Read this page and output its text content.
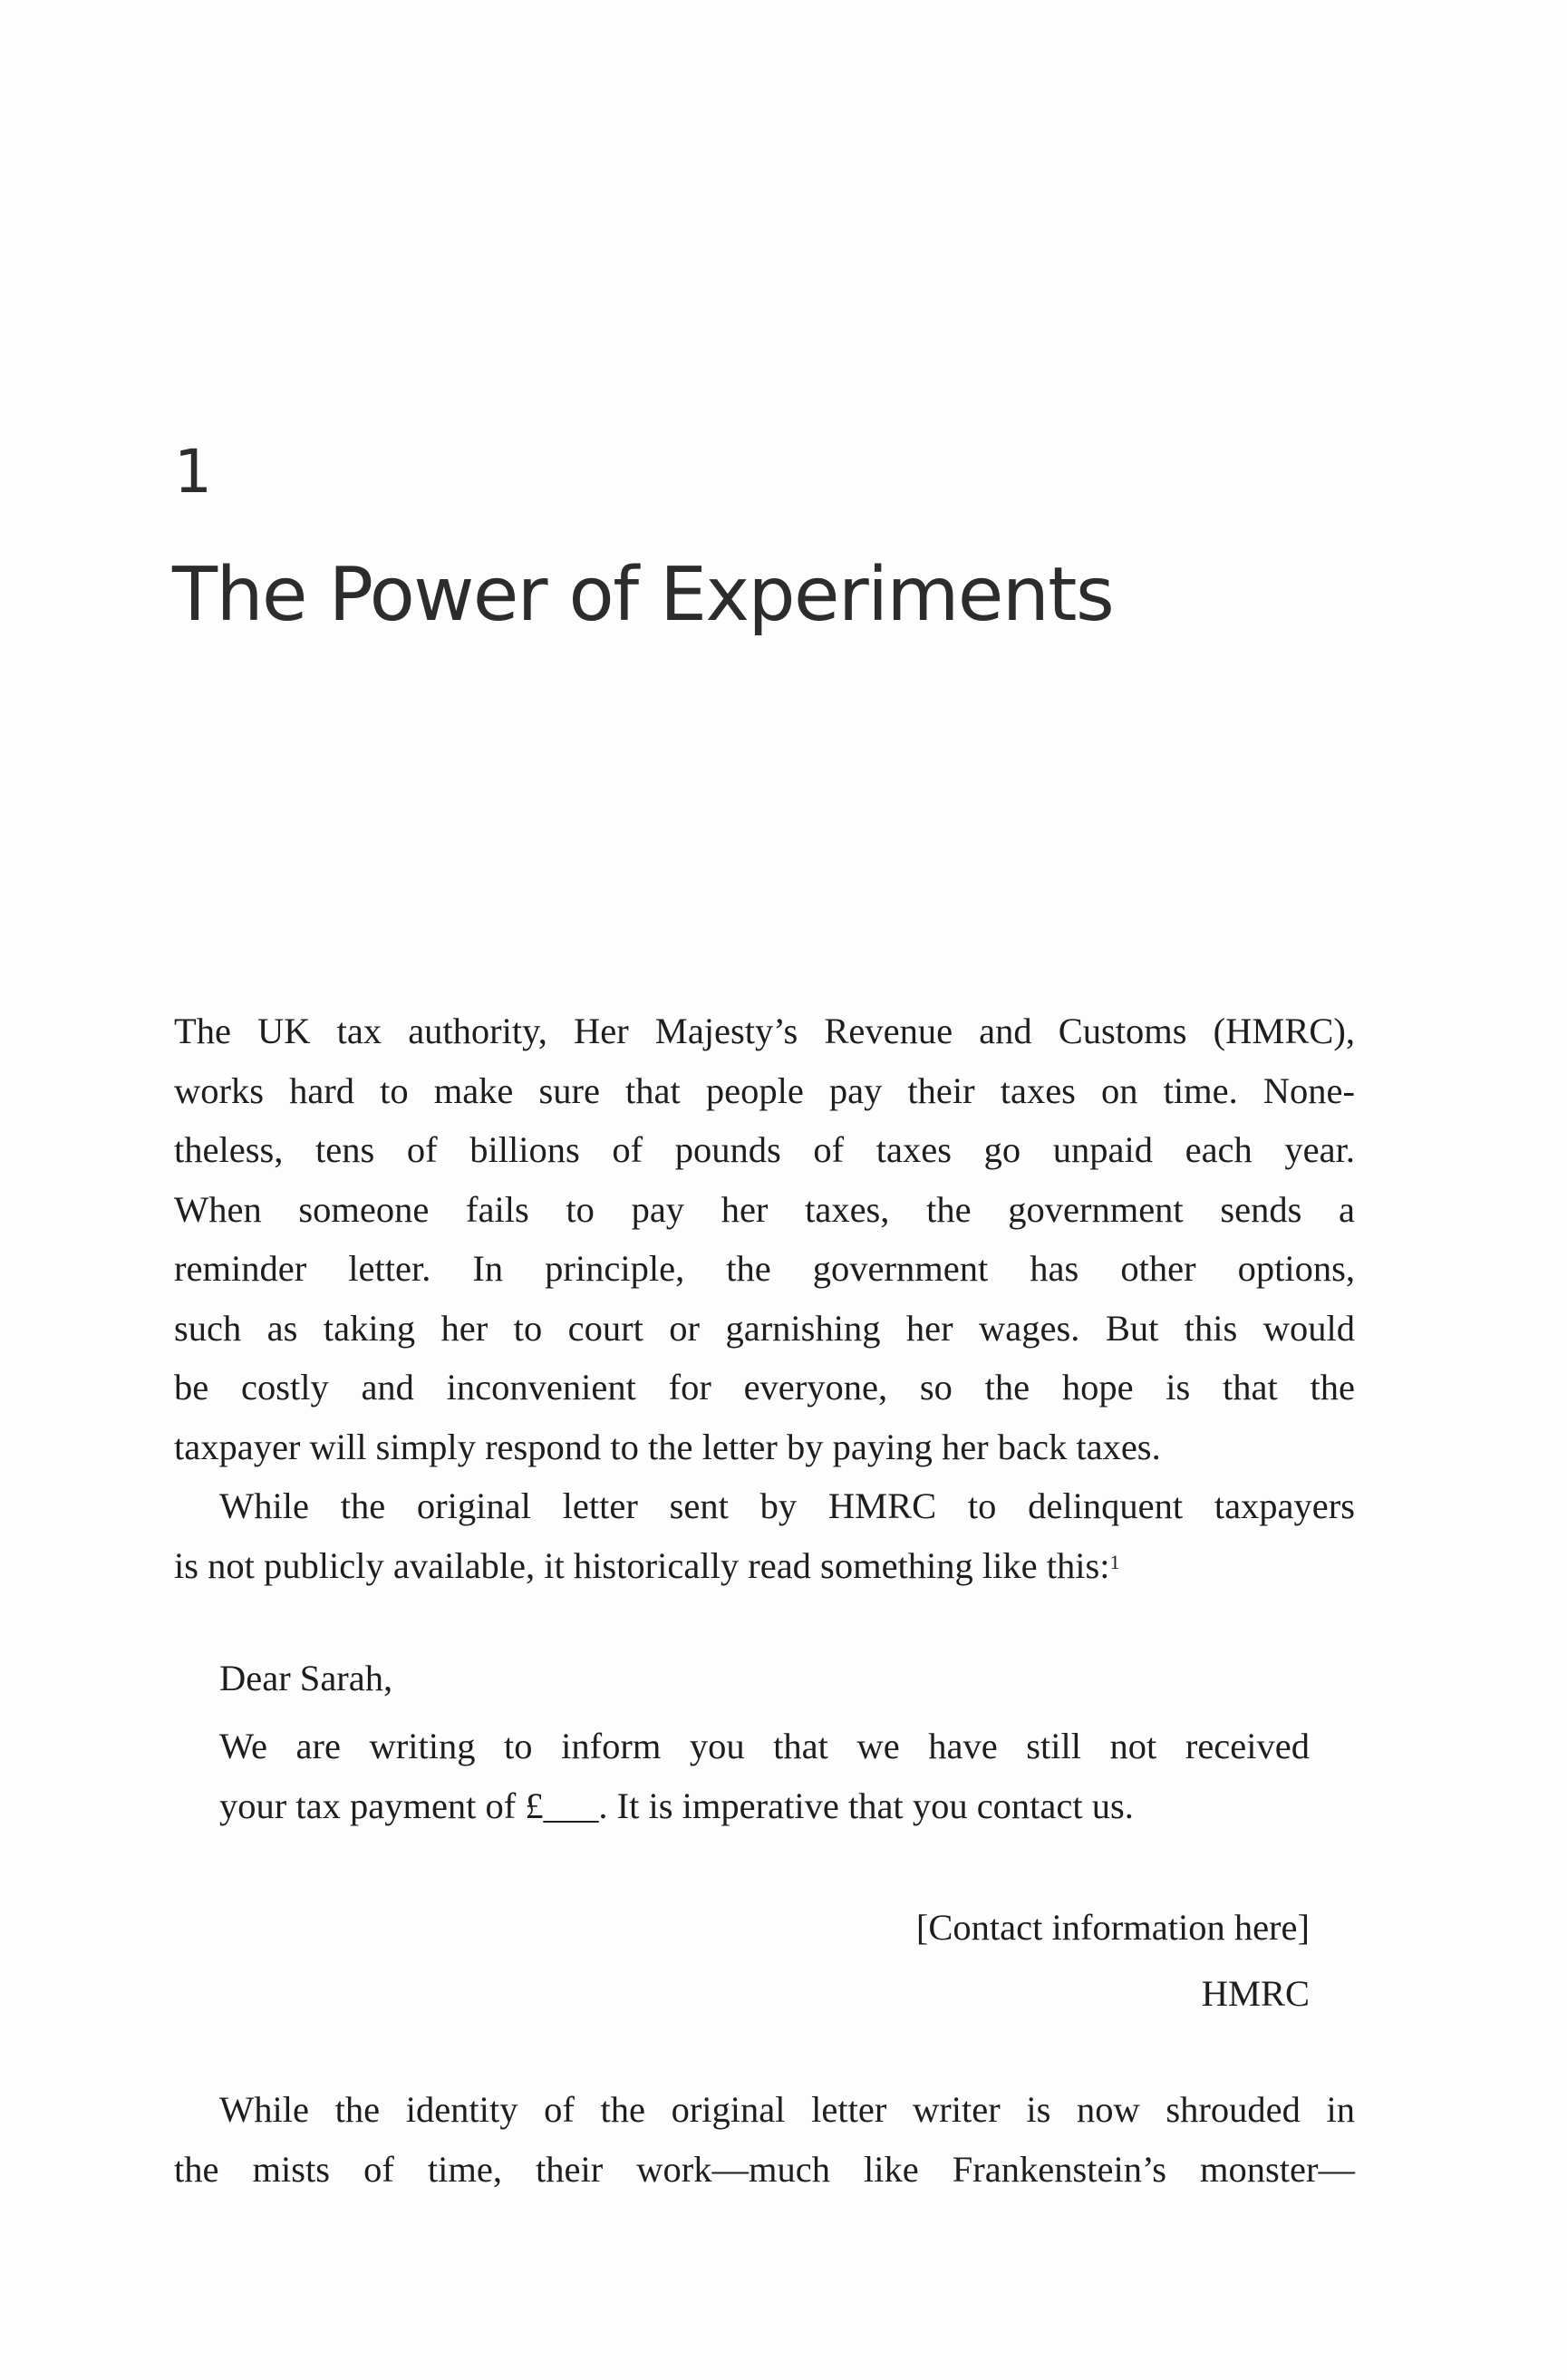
1
The Power of Experiments

The UK tax authority, Her Majesty’s Revenue and Customs (HMRC),
works hard to make sure that people pay their taxes on time. None-
theless, tens of billions of pounds of taxes go unpaid each year.
When someone fails to pay her taxes, the government sends a
reminder letter. In principle, the government has other options,
such as taking her to court or garnishing her wages. But this would
be costly and inconvenient for everyone, so the hope is that the
taxpayer will simply respond to the letter by paying her back taxes.

While the original letter sent by HMRC to delinquent taxpayers
is not publicly available, it historically read something like this:$^1$

Dear Sarah,

We are writing to inform you that we have still not received
your tax payment of £___. It is imperative that you contact us.

[Contact information here]
HMRC

While the identity of the original letter writer is now shrouded in
the mists of time, their work—much like Frankenstein’s monster—
